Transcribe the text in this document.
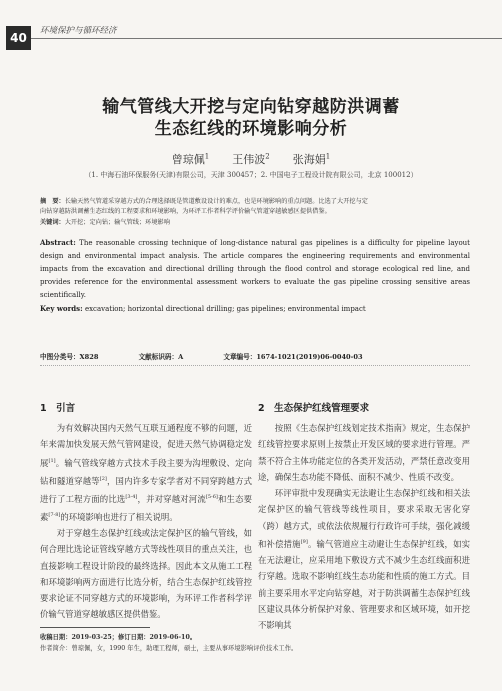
40	环境保护与循环经济
输气管线大开挖与定向钻穿越防洪调蓄
生态红线的环境影响分析
曾琼佩$^1$ 王伟波$^2$ 张海娟$^1$
（1. 中海石油环保服务(天津)有限公司，天津 300457；2. 中国电子工程设计院有限公司，北京 100012）
摘　要：长输天然气管道采穿越方式的合理选择既是管道敷设设计的难点，也是环境影响的重点问题。比选了大开挖与定
向钻穿越防洪调蓄生态红线的工程要求和环境影响，为环评工作者科学评价输气管道穿越敏感区提供借鉴。
关键词：大开挖；定向钻；输气管线；环境影响
Abstract: The reasonable crossing technique of long-distance natural gas pipelines is a difficulty for pipeline layout design and environmental impact analysis. The article compares the engineering requirements and environmental impacts from the excavation and directional drilling through the flood control and storage ecological red line, and provides reference for the environmental assessment workers to evaluate the gas pipeline crossing sensitive areas scientifically.
Key words: excavation; horizontal directional drilling; gas pipelines; environmental impact
中图分类号：X828	文献标识码：A	文章编号：1674-1021(2019)06-0040-03
1　引言	2　生态保护红线管理要求

为有效解决国内天然气互联互通程度不够的问题，近年来需加快发展天然气管网建设，促进天然气协调稳定发展[1]。输气管线穿越方式技术手段主要为沟埋敷设、定向钻和隧道穿越等[2]，国内许多专家学者对不同穿跨越方式进行了工程方面的比选[3-4]，并对穿越对河流[5-6]和生态要素[7-8]的环境影响也进行了相关说明。

对于穿越生态保护红线或法定保护区的输气管线，如何合理比选论证管线穿越方式等线性项目的重点关注，也直接影响工程设计阶段的最终选择。因此本文从施工工程和环境影响两方面进行比选分析，结合生态保护红线管控要求论证不同穿越方式的环境影响，为环评工作者科学评价输气管道穿越敏感区提供借鉴。

按照《生态保护红线划定技术指南》规定，生态保护红线管控要求原则上按禁止开发区域的要求进行管理。严禁不符合主体功能定位的各类开发活动，严禁任意改变用途，确保生态功能不降低、面积不减少、性质不改变。

环评审批中发现确实无法避让生态保护红线和相关法定保护区的输气管线等线性项目，要求采取无害化穿（跨）越方式，或依法依规履行行政许可手续，强化减缓和补偿措施[9]。输气管道应主动避让生态保护红线，如实在无法避让，应采用地下敷设方式不减少生态红线面积进行穿越。选取不影响红线生态功能和性质的施工方式。目前主要采用水平定向钻穿越，对于防洪调蓄生态保护红线区建议具体分析保护对象、管理要求和区域环境，如开挖不影响其

收稿日期：2019-03-25；修订日期：2019-06-10。
作者简介：曾琼佩，女，1990 年生，助理工程师，硕士，主要从事环境影响评价技术工作。
